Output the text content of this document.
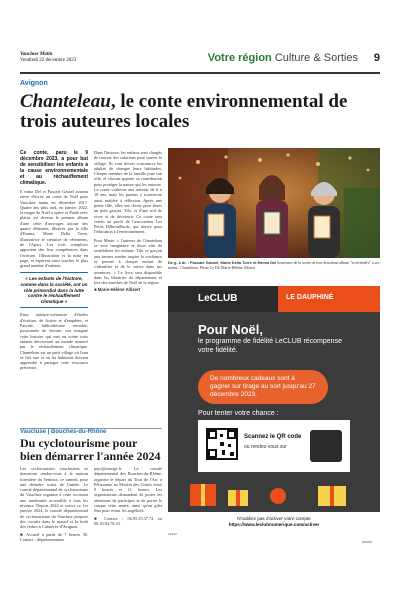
Vaucluse Matin
Vendredi 22 décembre 2023	Votre région Culture & Sorties 9
Avignon
Chanteleau, le conte environnemental de trois auteures locales

Ce conte, paru le 9 décembre 2023, a pour but de sensibiliser les enfants à la cause environnementale et au réchauffement climatique.

E mma Del et Pascale Gassel avaient envie d'écrire un conte de Noël pour Vaucluse matin en décembre 2017. Quatre ans plus tard, en janvier 2022, la magie de Noël a opéré et Paule avec plaisir est devenu le premier album d'une série d'ouvrages autour des quatre éléments, illustrés par la fille d'Emma, Marie Della Torre, illustratrice et créatrice de vêtements, de l'Apaci. Les trois complices apportent des leur compétences dans l'écriture, l'illustration et la mise en page, et espèrent ainsi toucher le plus grand nombre d'enfants.

« Les enfants de l'histoire, comme dans la société, ont un rôle primordial dans la lutte contre le réchauffement climatique »

Ema, auteure-scénariste d'études d'écriture, de fiction et d'enquêtes, et Pascale, bibliothécaire retraitée, passionnée de lecture, ont imaginé cette histoire qui met en scène trois enfants découvrant un monde menacé par le réchauffement climatique. Chanteleau est un petit village où l'eau se fait rare et où les habitants doivent apprendre à partager cette ressource précieuse.

Dans l'histoire, les enfants sont chargés de trouver des solutions pour sauver le village. Ils vont devoir convaincre les adultes de changer leurs habitudes. Chaque membre de la famille joue son rôle, et chacun apporte sa contribution pour protéger la nature qui les entoure. Le conte s'adresse aux enfants de 6 à 10 ans, mais les parents y trouveront aussi matière à réflexion. Après une petite fille, elles ont choisi pour héros un petit garçon, Tilo, et d'une soif de vivre et de découvrir. Ce conte sera vendu au profit de l'association Les Petits Débrouillards, qui œuvre pour l'éducation à l'environnement.

Pour Marie, « l'univers de Chanteleau se veut imaginaire et doux afin de sensibiliser les enfants. Tilo ce garçon aux tresses rondes inspire la confiance et permet à chaque enfant de s'identifier et de le suivre dans ses aventures. » Le livre sera disponible dans les librairies du département et lors des marchés de Noël de la région.

■ Marie-Hélène Allisert

De g. à dr. : Pascale Gassel, Marie Della Torre et Emma Del heureuses de la sortie de leur deuxième album "ecofriendly" à ses mains : Chanteleau. Photo Le DL/Marie-Hélène Allisert
Vaucluse | Bouches-du-Rhône
Du cyclotourisme pour bien démarrer l'année 2024

Les cyclotouristes vauclusiens se donneront rendez-vous à la maison forestière du Ventoux, ce samedi, pour une dernière sortie de l'année. Le comité départemental de cyclotourisme du Vaucluse organise à cette occasion une randonnée accessible à tous les niveaux. Depuis 2022 et suivre ce 1er janvier 2024, le comité départemental de cyclotourisme du Vaucluse propose des circuits dans le massif et la forêt des cèdres à Cabrières-d'Avignon.

■ Accueil à partir de 7 heures 30. Contact : départementaux

pays@orange.fr. Le comité départemental des Bouches-du-Rhône, organise le départ du Tour de l'Arc à Pélissanne au Moulin des Costes entre 9 heures et 11 heures. Les organisateurs demandent de porter les attentions de participes et de porter le casque cette année, ainsi qu'un gilet fluo pour éviter les angélisés.

■ Contact : 06.95.35.37.74 ou 06.30.94.78.33.

LeCLUB	LE DAUPHINÉ
Pour Noël,
le programme de fidélité LeCLUB récompense votre fidélité.
De nombreux cadeaux sont à gagner sur tirage au sort jusqu'au 27 décembre 2023.
Pour tenter votre chance :
Scannez le QR code
ou rendez-vous sur
N'oubliez pas d'activer votre compte
https://www.leclubnumerique.com/activer
LE123
000000
